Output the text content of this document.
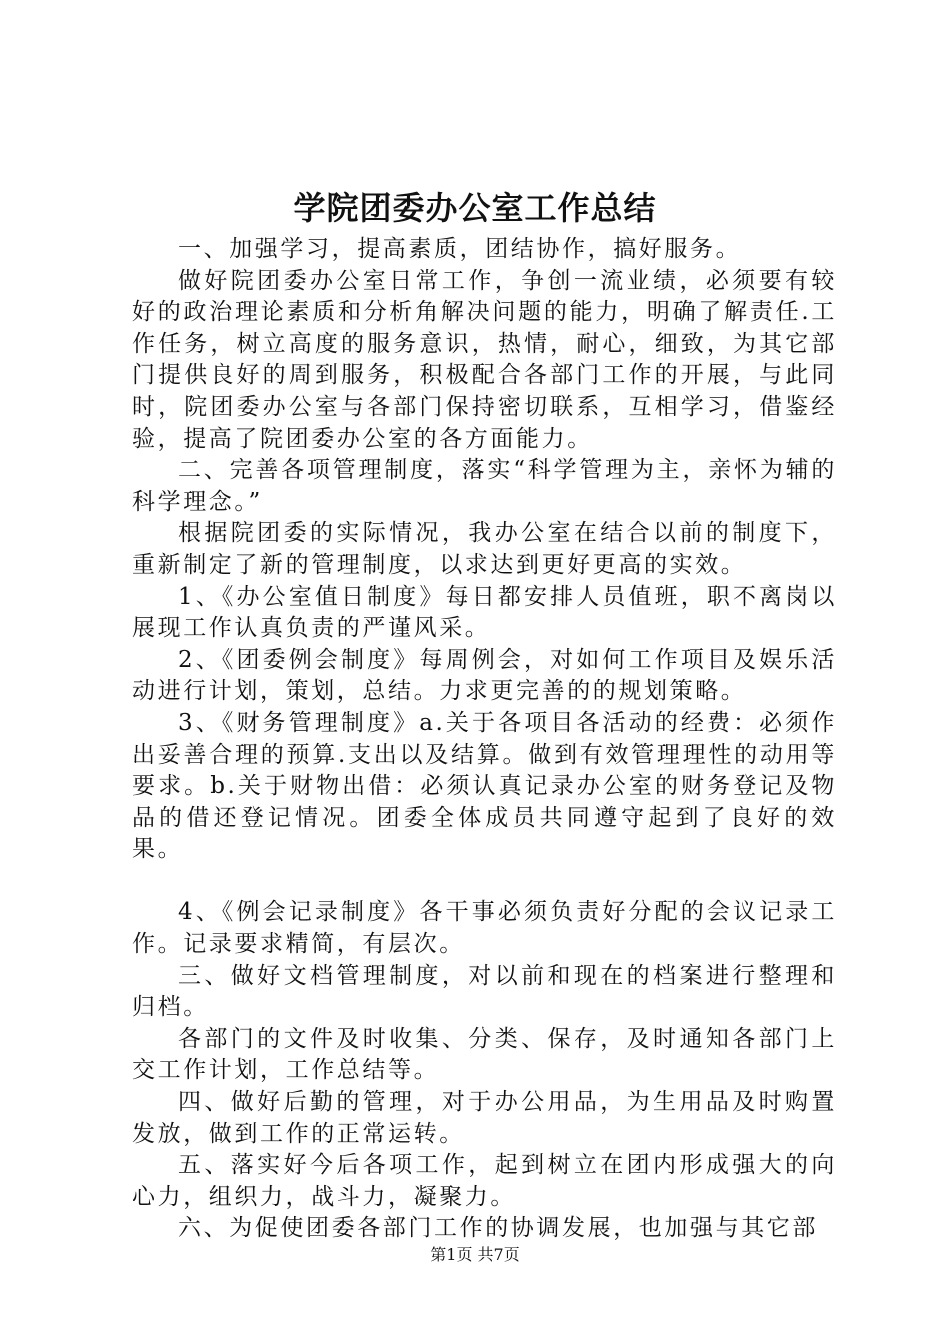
学院团委办公室工作总结

一、加强学习，提高素质，团结协作，搞好服务。

做好院团委办公室日常工作，争创一流业绩，必须要有较好的政治理论素质和分析角解决问题的能力，明确了解责任.工作任务，树立高度的服务意识，热情，耐心，细致，为其它部门提供良好的周到服务，积极配合各部门工作的开展，与此同时，院团委办公室与各部门保持密切联系，互相学习，借鉴经验，提高了院团委办公室的各方面能力。

二、完善各项管理制度，落实“科学管理为主，亲怀为辅的科学理念。”

根据院团委的实际情况，我办公室在结合以前的制度下，重新制定了新的管理制度，以求达到更好更高的实效。

1、《办公室值日制度》每日都安排人员值班，职不离岗以展现工作认真负责的严谨风采。

2、《团委例会制度》每周例会，对如何工作项目及娱乐活动进行计划，策划，总结。力求更完善的的规划策略。

3、《财务管理制度》a.关于各项目各活动的经费：必须作出妥善合理的预算.支出以及结算。做到有效管理理性的动用等要求。b.关于财物出借：必须认真记录办公室的财务登记及物品的借还登记情况。团委全体成员共同遵守起到了良好的效果。

4、《例会记录制度》各干事必须负责好分配的会议记录工作。记录要求精简，有层次。

三、做好文档管理制度，对以前和现在的档案进行整理和归档。

各部门的文件及时收集、分类、保存，及时通知各部门上交工作计划，工作总结等。

四、做好后勤的管理，对于办公用品，为生用品及时购置发放，做到工作的正常运转。

五、落实好今后各项工作，起到树立在团内形成强大的向心力，组织力，战斗力，凝聚力。

六、为促使团委各部门工作的协调发展，也加强与其它部

第1页 共7页
